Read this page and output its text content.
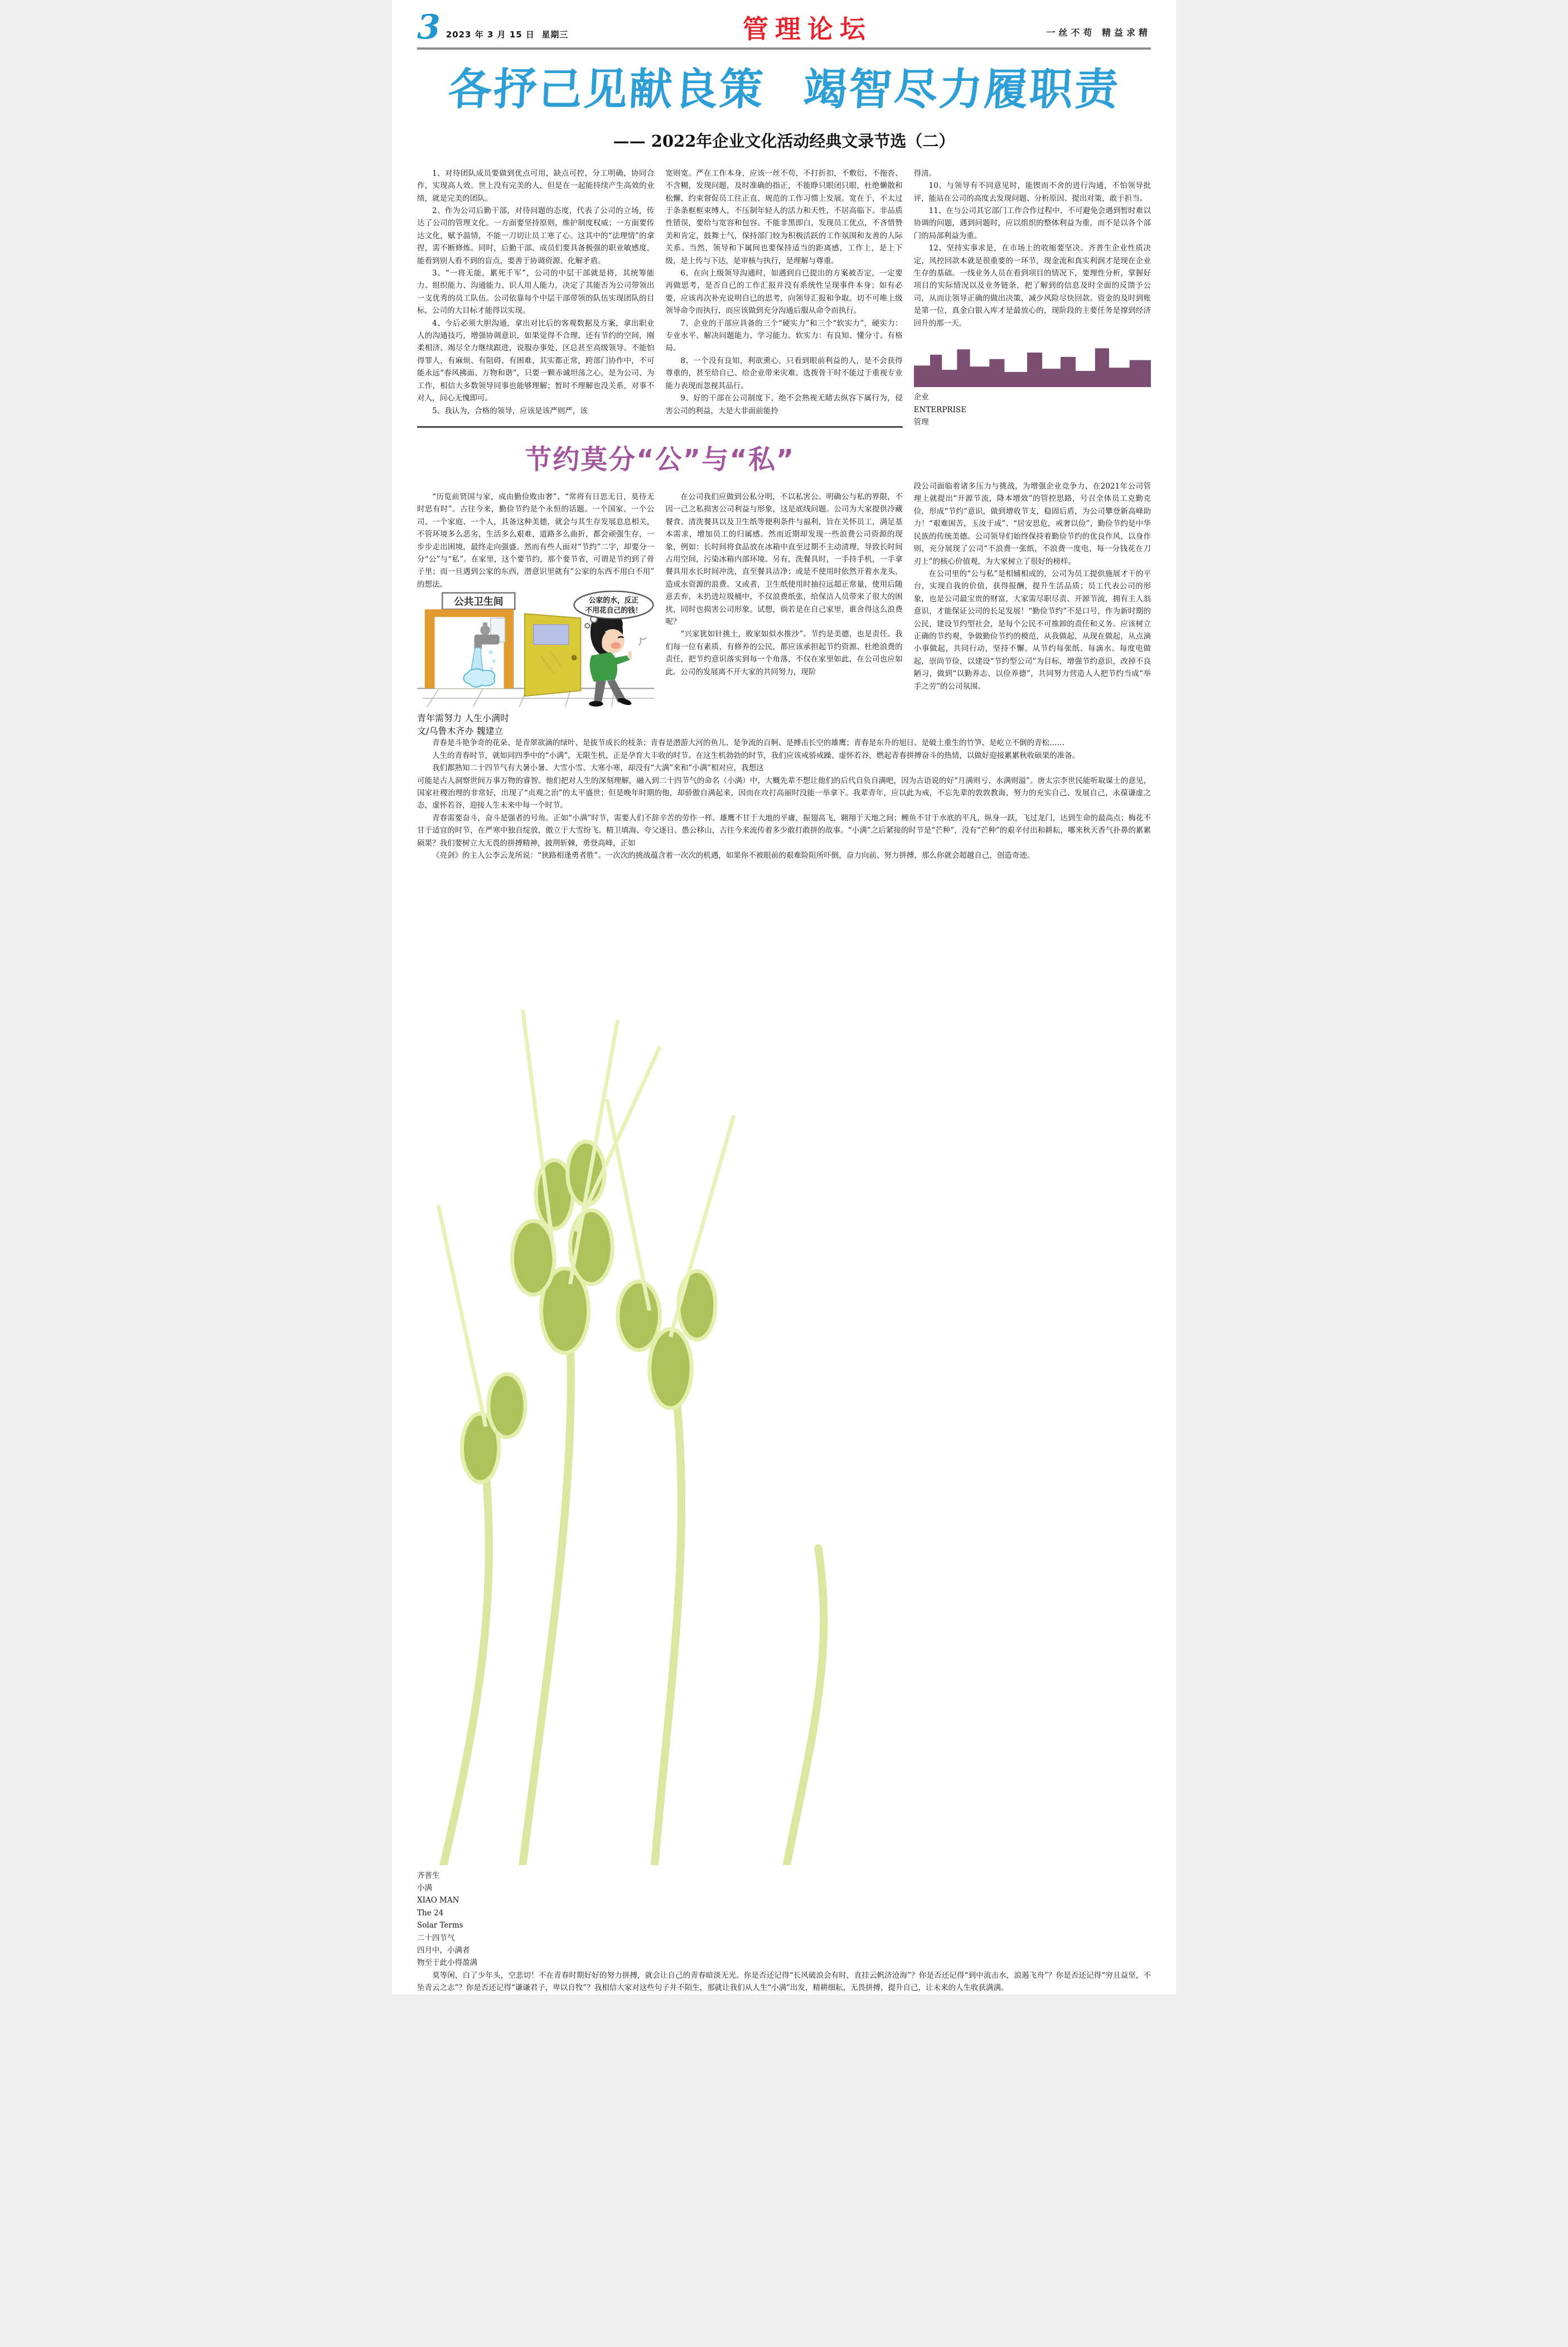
3 2023 年 3 月 15 日 星期三	管理论坛	一丝不苟 精益求精
各抒己见献良策 竭智尽力履职责

—— 2022年企业文化活动经典文录节选（二）

1、对待团队成员要做到优点可用，缺点可控，分工明确，协同合作，实现高人效。世上没有完美的人，但是在一起能持续产生高效的业绩，就是完美的团队。

2、作为公司后勤干部，对待问题的态度，代表了公司的立场，传达了公司的管理文化。一方面要坚持原则，维护制度权威；一方面要传达文化，赋予温情，不能一刀切让员工寒了心。这其中的“法理情”的拿捏，需不断修炼。同时，后勤干部、成员们要具备极强的职业敏感度，能看到别人看不到的盲点，要善于协调资源、化解矛盾。

3、“一将无能，累死千军”，公司的中层干部就是将，其统筹能力、组织能力、沟通能力、识人用人能力，决定了其能否为公司带领出一支优秀的员工队伍。公司依靠每个中层干部带领的队伍实现团队的目标，公司的大目标才能得以实现。

4、今后必须大胆沟通，拿出对比后的客观数据及方案，拿出职业人的沟通技巧，增强协调意识，如果觉得不合理、还有节约的空间，刚柔相济、竭尽全力继续跟进，说服办事处、区总甚至高级领导。不能怕得罪人，有麻烦、有阻碍、有困难，其实都正常，跨部门协作中，不可能永远“春风拂面、万物和谐”，只要一颗赤诚坦荡之心，是为公司、为工作，相信大多数领导同事也能够理解；暂时不理解也没关系，对事不对人，问心无愧即可。

5、我认为，合格的领导，应该是该严则严，该

宽则宽。严在工作本身，应该一丝不苟，不打折扣，不敷衍、不拖沓、不含糊，发现问题，及时准确的指正，不能睁只眼闭只眼，杜绝懒散和松懈，约束督促员工往正直、规范的工作习惯上发展。宽在于，不太过于条条框框束缚人，不压制年轻人的活力和天性，不居高临下。非品质性错误，要给与宽容和包容。不能非黑即白，发现员工优点，不吝惜赞美和肯定，鼓舞士气，保持部门较为积极活跃的工作氛围和友善的人际关系。当然，领导和下属间也要保持适当的距离感，工作上，是上下级，是上传与下达，是审核与执行，是理解与尊重。

6、在向上级领导沟通时，如遇到自已提出的方案被否定，一定要再做思考，是否自已的工作汇报并没有系统性呈现事件本身；如有必要，应该再次补充说明自已的思考，向领导汇报和争取。切不可唯上级领导命令而执行，而应该做到充分沟通后服从命令而执行。

7、企业的干部应具备的三个“硬实力”和三个“软实力”，硬实力：专业水平、解决问题能力、学习能力。软实力：有良知、懂分寸、有格局。

8、一个没有良知，利欲熏心，只看到眼前利益的人，是不会获得尊重的，甚至给自己、给企业带来灾难。选拨骨干时不能过于重视专业能力表现而忽视其品行。

9、好的干部在公司制度下，绝不会熟视无睹去纵容下属行为，侵害公司的利益，大是大非面前能拎

得清。

10、与领导有不同意见时，能锲而不舍的进行沟通，不怕领导批评，能站在公司的高度去发现问题、分析原因、提出对策，敢于担当。

11、在与公司其它部门工作合作过程中，不可避免会遇到暂时难以协调的问题，遇到问题时，应以组织的整体利益为重，而不是以各个部门的局部利益为重。

12、坚持实事求是，在市场上的收缩要坚决。齐普生企业性质决定，风控回款本就是很重要的一环节，现金流和真实利润才是现在企业生存的基础。一线业务人员在看到项目的情况下，要理性分析，掌握好项目的实际情况以及业务链条，把了解到的信息及时全面的反馈予公司，从而让领导正确的做出决策，减少风险尽快回款。资金的及时到账是第一位，真金白银入库才是最放心的，现阶段的主要任务是撑到经济回升的那一天。

企业
ENTERPRISE
管理

段公司面临着诸多压力与挑战，为增强企业竞争力，在2021年公司管理上就提出“开源节流，降本增效”的管控思路，号召全体员工克勤克俭，形成“节约”意识，做到增收节支，稳固后盾，为公司攀登新高峰助力！“艰难困苦，玉汝于成”、“居安思危，戒奢以俭”，勤俭节约是中华民族的传统美德。公司领导们始终保持着勤俭节约的优良作风，以身作则，充分展现了公司“不浪费一张纸，不浪费一度电，每一分钱花在刀刃上”的核心价值观，为大家树立了很好的榜样。

在公司里的“公与私”是相辅相成的，公司为员工提供施展才干的平台，实现自我的价值，获得报酬，提升生活品质；员工代表公司的形象，也是公司最宝贵的财富，大家需尽职尽责、开源节流，拥有主人翁意识，才能保证公司的长足发展！“勤俭节约”不是口号，作为新时期的公民，建设节约型社会，是每个公民不可推卸的责任和义务。应该树立正确的节约观，争做勤俭节约的模范，从我做起，从现在做起，从点滴小事做起，共同行动，坚持不懈。从节约每张纸、每滴水、每度电做起，崇尚节俭，以建设“节约型公司”为目标，增强节约意识，改掉不良陋习，做到“以勤养志、以俭养德”，共同努力营造人人把节约当成“举手之劳”的公司氛围。

节约莫分“公”与“私”

“历览前贤国与家，成由勤俭败由奢”、“常将有日思无日，莫待无时思有时”。古往今来，勤俭节约是个永恒的话题。一个国家、一个公司、一个家庭、一个人，具备这种美德，就会与其生存发展息息相关，不管环境多么恶劣，生活多么艰难，道路多么曲折，都会顽强生存，一步步走出困境，最终走向强盛。然而有些人面对“节约”二字，却要分一分“公”与“私”。在家里，这个要节约，那个要节省，可谓是节约到了骨子里；而一旦遇到公家的东西，潜意识里就有“公家的东西不用白不用”的想法。

公共卫生间	公家的水，反正
不用花自己的钱！

在公司我们应做到公私分明，不以私害公。明确公与私的界限，不因一己之私损害公司利益与形象，这是底线问题。公司为大家提供冷藏餐食、清洗餐具以及卫生纸等便利条件与福利，旨在关怀员工，满足基本需求，增加员工的归属感。然而近期却发现一些浪费公司资源的现象，例如：长时间将食品放在冰箱中直至过期不主动清理，导致长时间占用空间，污染冰箱内部环境。另有，洗餐具时，一手持手机，一手拿餐具用水长时间冲洗，直至餐具洁净；或是不使用时依然开着水龙头，造成水资源的浪费。又或者，卫生纸使用时抽拉远超正常量，使用后随意丢弃，未扔进垃圾桶中，不仅浪费纸张，给保洁人员带来了很大的困扰，同时也损害公司形象。试想，倘若是在自己家里，谁舍得这么浪费呢？

“兴家犹如针挑土，败家如似水推沙”。节约是美德，也是责任。我们每一位有素质、有修养的公民，都应该承担起节约资源、杜绝浪费的责任，把节约意识落实到每一个角落，不仅在家里如此，在公司也应如此。公司的发展离不开大家的共同努力，现阶

青年需努力 人生小满时
文/乌鲁木齐办 魏建立

青春是斗艳争奇的花朵、是青翠欲滴的绿叶、是拔节成长的枝条；青春是潜游大河的鱼儿、是争流的百舸、是搏击长空的雄鹰；青春是东升的旭日、是破土重生的竹笋、是屹立不倒的青松……

人生的青春时节，就如同四季中的“小满”，无限生机，正是孕育大丰收的时节。在这生机勃勃的时节，我们应该戒骄戒躁、虚怀若谷，燃起青春拼搏奋斗的热情，以做好迎接累累秋收硕果的准备。

我们都熟知二十四节气有大暑小暑、大雪小雪、大寒小寒，却没有“大满”来和“小满”相对应，我想这

可能是古人洞察世间万事万物的睿智。他们把对人生的深刻理解，融入到二十四节气的命名（小满）中，大概先辈不想让他们的后代自负自满吧，因为古语说的好“月满则亏、水满则溢”。唐太宗李世民能听取谋士的意见，国家社稷治理的非常好，出现了“贞观之治”的太平盛世；但是晚年时期的他，却骄傲自满起来，因而在攻打高丽时没能一举拿下。我辈青年，应以此为戒，不忘先辈的敦敦教诲，努力的充实自己、发展自己，永葆谦虚之态，虚怀若谷，迎接人生未来中每一个时节。

青春需要奋斗，奋斗是强者的号角。正如“小满”时节，需要人们不辞辛苦的劳作一样。雄鹰不甘于大地的平庸，振翅高飞，翱翔于天地之间；鲤鱼不甘于水底的平凡，纵身一跃，飞过龙门，达到生命的最高点；梅花不甘于适宜的时节，在严寒中独自绽放，傲立于大雪纷飞。精卫填海、夸父逐日、愚公移山，古往今来流传着多少敢打敢拼的故事。“小满”之后紧接的时节是“芒种”，没有“芒种”的艰辛付出和耕耘，哪来秋天香气扑鼻的累累硕果？我们要树立大无畏的拼搏精神，披荆斩棘，勇登高峰，正如

《亮剑》的主人公李云龙所说：“狭路相逢勇者胜”。一次次的挑战蕴含着一次次的机遇，如果你不被眼前的艰难险阻所吓倒，奋力向前、努力拼搏，那么你就会超越自己，创造奇迹。

齐普生
小满
XIAO MAN
The 24
Solar Terms
二十四节气
四月中，小满者
物至于此小得盈满

莫等闲，白了少年头，空悲切！不在青春时期好好的努力拼搏，就会让自己的青春暗淡无光。你是否还记得“长风破浪会有时，直挂云帆济沧海”？你是否还记得“到中流击水，浪遏飞舟”？你是否还记得“穷且益坚，不坠青云之志”？你是否还记得“谦谦君子，卑以自牧”？我相信大家对这些句子并不陌生，那就让我们从人生“小满”出发，精耕细耘，无畏拼搏，提升自己，让未来的人生收获满满。
